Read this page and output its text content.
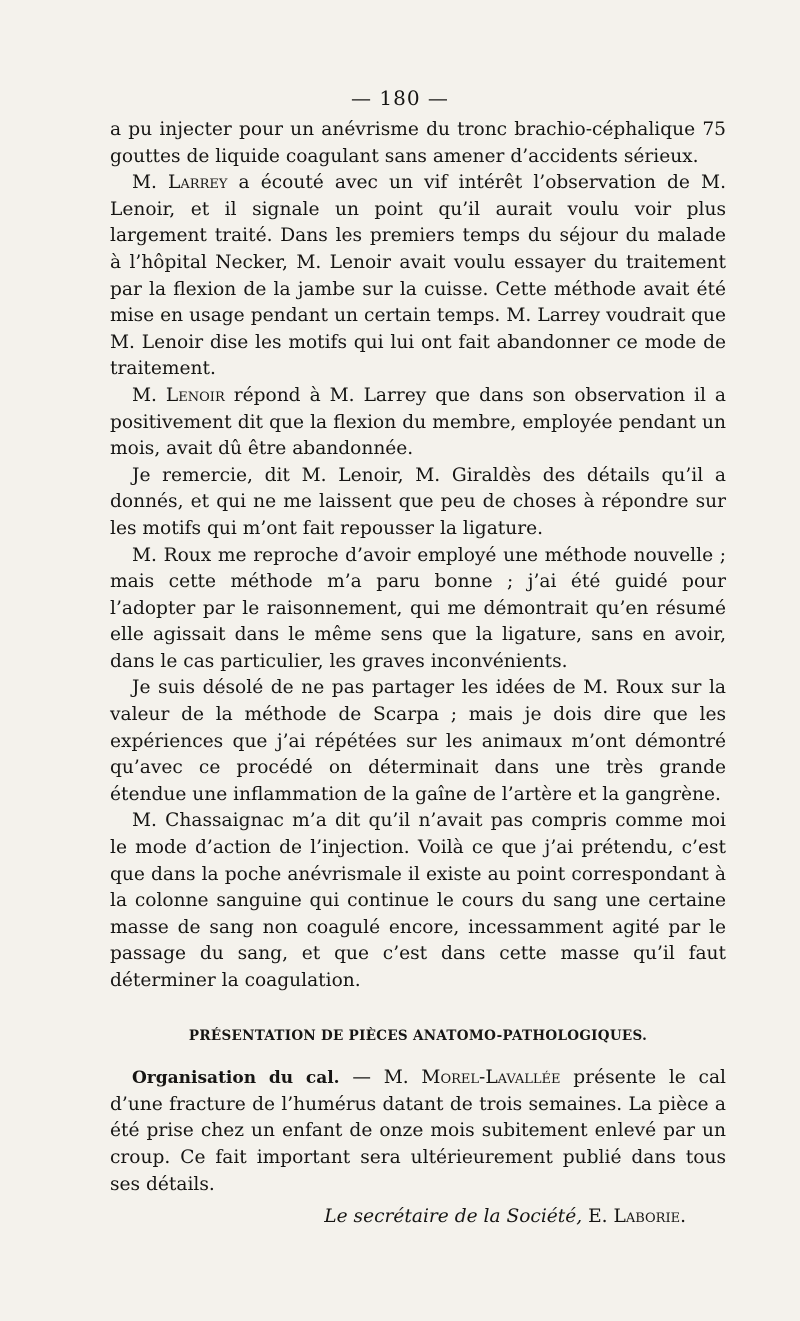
— 180 —

a pu injecter pour un anévrisme du tronc brachio-céphalique 75 gouttes de liquide coagulant sans amener d’accidents sérieux.

M. Larrey a écouté avec un vif intérêt l’observation de M. Lenoir, et il signale un point qu’il aurait voulu voir plus largement traité. Dans les premiers temps du séjour du malade à l’hôpital Necker, M. Lenoir avait voulu essayer du traitement par la flexion de la jambe sur la cuisse. Cette méthode avait été mise en usage pendant un certain temps. M. Larrey voudrait que M. Lenoir dise les motifs qui lui ont fait abandonner ce mode de traitement.

M. Lenoir répond à M. Larrey que dans son observation il a positivement dit que la flexion du membre, employée pendant un mois, avait dû être abandonnée.

Je remercie, dit M. Lenoir, M. Giraldès des détails qu’il a donnés, et qui ne me laissent que peu de choses à répondre sur les motifs qui m’ont fait repousser la ligature.

M. Roux me reproche d’avoir employé une méthode nouvelle ; mais cette méthode m’a paru bonne ; j’ai été guidé pour l’adopter par le raisonnement, qui me démontrait qu’en résumé elle agissait dans le même sens que la ligature, sans en avoir, dans le cas particulier, les graves inconvénients.

Je suis désolé de ne pas partager les idées de M. Roux sur la valeur de la méthode de Scarpa ; mais je dois dire que les expériences que j’ai répétées sur les animaux m’ont démontré qu’avec ce procédé on déterminait dans une très grande étendue une inflammation de la gaîne de l’artère et la gangrène.

M. Chassaignac m’a dit qu’il n’avait pas compris comme moi le mode d’action de l’injection. Voilà ce que j’ai prétendu, c’est que dans la poche anévrismale il existe au point correspondant à la colonne sanguine qui continue le cours du sang une certaine masse de sang non coagulé encore, incessamment agité par le passage du sang, et que c’est dans cette masse qu’il faut déterminer la coagulation.

PRÉSENTATION DE PIÈCES ANATOMO-PATHOLOGIQUES.

Organisation du cal. — M. Morel-Lavallée présente le cal d’une fracture de l’humérus datant de trois semaines. La pièce a été prise chez un enfant de onze mois subitement enlevé par un croup. Ce fait important sera ultérieurement publié dans tous ses détails.

Le secrétaire de la Société, E. Laborie.
